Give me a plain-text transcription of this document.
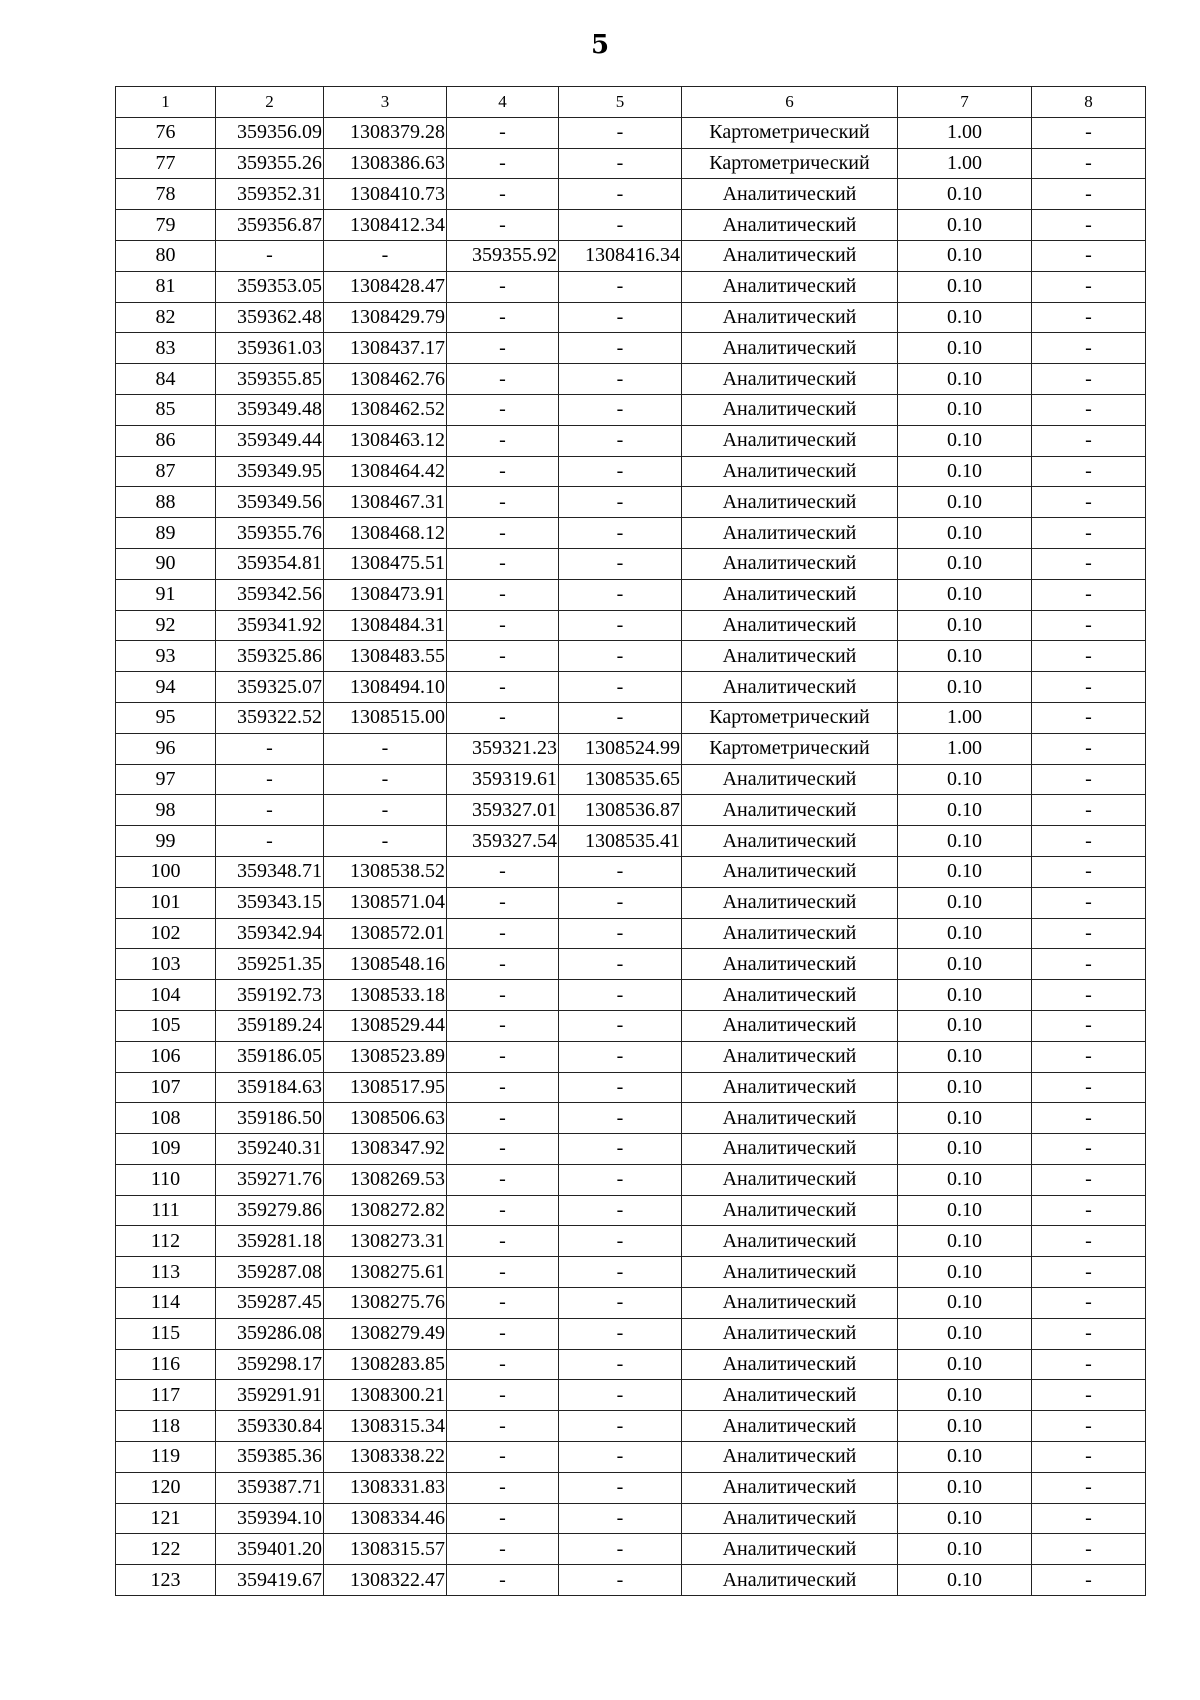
5
1	2	3	4	5	6	7	8
76	359356.09	1308379.28	-	-	Картометрический	1.00	-
77	359355.26	1308386.63	-	-	Картометрический	1.00	-
78	359352.31	1308410.73	-	-	Аналитический	0.10	-
79	359356.87	1308412.34	-	-	Аналитический	0.10	-
80	-	-	359355.92	1308416.34	Аналитический	0.10	-
81	359353.05	1308428.47	-	-	Аналитический	0.10	-
82	359362.48	1308429.79	-	-	Аналитический	0.10	-
83	359361.03	1308437.17	-	-	Аналитический	0.10	-
84	359355.85	1308462.76	-	-	Аналитический	0.10	-
85	359349.48	1308462.52	-	-	Аналитический	0.10	-
86	359349.44	1308463.12	-	-	Аналитический	0.10	-
87	359349.95	1308464.42	-	-	Аналитический	0.10	-
88	359349.56	1308467.31	-	-	Аналитический	0.10	-
89	359355.76	1308468.12	-	-	Аналитический	0.10	-
90	359354.81	1308475.51	-	-	Аналитический	0.10	-
91	359342.56	1308473.91	-	-	Аналитический	0.10	-
92	359341.92	1308484.31	-	-	Аналитический	0.10	-
93	359325.86	1308483.55	-	-	Аналитический	0.10	-
94	359325.07	1308494.10	-	-	Аналитический	0.10	-
95	359322.52	1308515.00	-	-	Картометрический	1.00	-
96	-	-	359321.23	1308524.99	Картометрический	1.00	-
97	-	-	359319.61	1308535.65	Аналитический	0.10	-
98	-	-	359327.01	1308536.87	Аналитический	0.10	-
99	-	-	359327.54	1308535.41	Аналитический	0.10	-
100	359348.71	1308538.52	-	-	Аналитический	0.10	-
101	359343.15	1308571.04	-	-	Аналитический	0.10	-
102	359342.94	1308572.01	-	-	Аналитический	0.10	-
103	359251.35	1308548.16	-	-	Аналитический	0.10	-
104	359192.73	1308533.18	-	-	Аналитический	0.10	-
105	359189.24	1308529.44	-	-	Аналитический	0.10	-
106	359186.05	1308523.89	-	-	Аналитический	0.10	-
107	359184.63	1308517.95	-	-	Аналитический	0.10	-
108	359186.50	1308506.63	-	-	Аналитический	0.10	-
109	359240.31	1308347.92	-	-	Аналитический	0.10	-
110	359271.76	1308269.53	-	-	Аналитический	0.10	-
111	359279.86	1308272.82	-	-	Аналитический	0.10	-
112	359281.18	1308273.31	-	-	Аналитический	0.10	-
113	359287.08	1308275.61	-	-	Аналитический	0.10	-
114	359287.45	1308275.76	-	-	Аналитический	0.10	-
115	359286.08	1308279.49	-	-	Аналитический	0.10	-
116	359298.17	1308283.85	-	-	Аналитический	0.10	-
117	359291.91	1308300.21	-	-	Аналитический	0.10	-
118	359330.84	1308315.34	-	-	Аналитический	0.10	-
119	359385.36	1308338.22	-	-	Аналитический	0.10	-
120	359387.71	1308331.83	-	-	Аналитический	0.10	-
121	359394.10	1308334.46	-	-	Аналитический	0.10	-
122	359401.20	1308315.57	-	-	Аналитический	0.10	-
123	359419.67	1308322.47	-	-	Аналитический	0.10	-
